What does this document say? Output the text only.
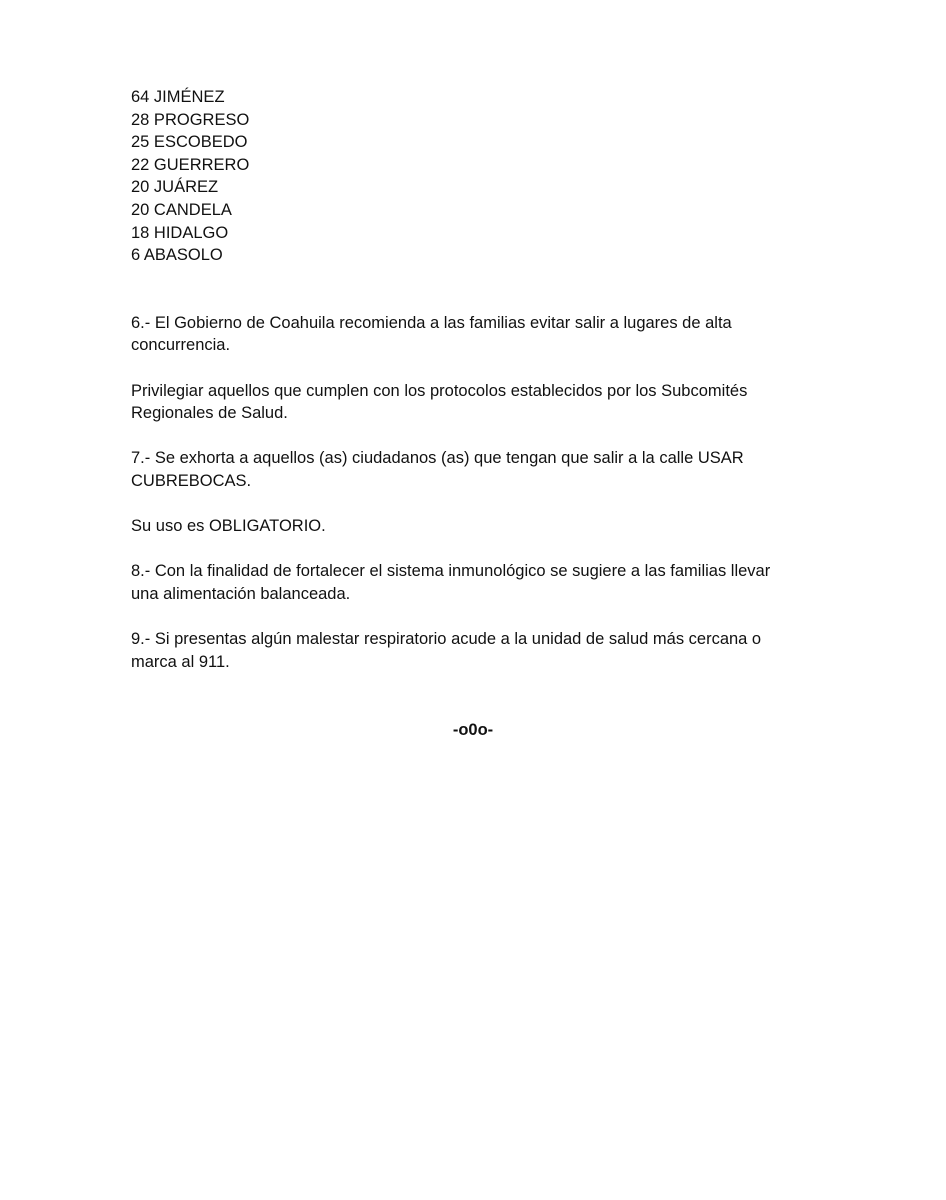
64 JIMÉNEZ
28 PROGRESO
25 ESCOBEDO
22 GUERRERO
20 JUÁREZ
20 CANDELA
18 HIDALGO
6 ABASOLO

6.- El Gobierno de Coahuila recomienda a las familias evitar salir a lugares de alta
concurrencia.

Privilegiar aquellos que cumplen con los protocolos establecidos por los Subcomités
Regionales de Salud.

7.- Se exhorta a aquellos (as) ciudadanos (as) que tengan que salir a la calle USAR
CUBREBOCAS.

Su uso es OBLIGATORIO.

8.- Con la finalidad de fortalecer el sistema inmunológico se sugiere a las familias llevar
una alimentación balanceada.

9.- Si presentas algún malestar respiratorio acude a la unidad de salud más cercana o
marca al 911.

-o0o-
